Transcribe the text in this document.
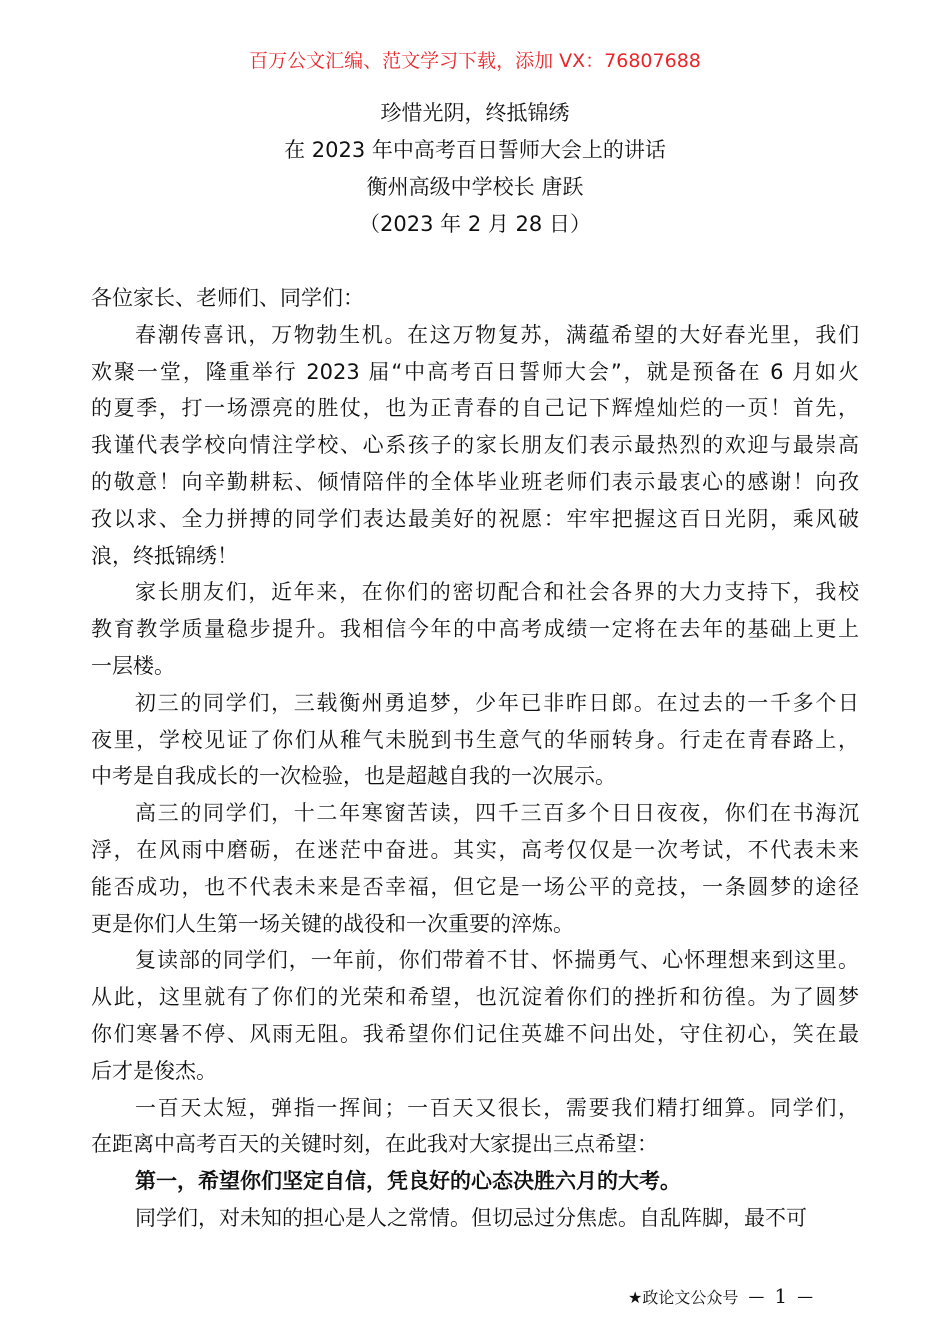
百万公文汇编、范文学习下载，添加 VX：76807688
珍惜光阴，终抵锦绣
在 2023 年中高考百日誓师大会上的讲话
衡州高级中学校长 唐跃
（2023 年 2 月 28 日）
各位家长、老师们、同学们：
春潮传喜讯，万物勃生机。在这万物复苏，满蕴希望的大好春光里，我们
欢聚一堂，隆重举行 2023 届“中高考百日誓师大会”，就是预备在 6 月如火
的夏季，打一场漂亮的胜仗，也为正青春的自己记下辉煌灿烂的一页！首先，
我谨代表学校向情注学校、心系孩子的家长朋友们表示最热烈的欢迎与最崇高
的敬意！向辛勤耕耘、倾情陪伴的全体毕业班老师们表示最衷心的感谢！向孜
孜以求、全力拼搏的同学们表达最美好的祝愿：牢牢把握这百日光阴，乘风破
浪，终抵锦绣！
家长朋友们，近年来，在你们的密切配合和社会各界的大力支持下，我校
教育教学质量稳步提升。我相信今年的中高考成绩一定将在去年的基础上更上
一层楼。
初三的同学们，三载衡州勇追梦，少年已非昨日郎。在过去的一千多个日
夜里，学校见证了你们从稚气未脱到书生意气的华丽转身。行走在青春路上，
中考是自我成长的一次检验，也是超越自我的一次展示。
高三的同学们，十二年寒窗苦读，四千三百多个日日夜夜，你们在书海沉
浮，在风雨中磨砺，在迷茫中奋进。其实，高考仅仅是一次考试，不代表未来
能否成功，也不代表未来是否幸福，但它是一场公平的竞技，一条圆梦的途径
更是你们人生第一场关键的战役和一次重要的淬炼。
复读部的同学们，一年前，你们带着不甘、怀揣勇气、心怀理想来到这里。
从此，这里就有了你们的光荣和希望，也沉淀着你们的挫折和彷徨。为了圆梦
你们寒暑不停、风雨无阻。我希望你们记住英雄不问出处，守住初心，笑在最
后才是俊杰。
一百天太短，弹指一挥间；一百天又很长，需要我们精打细算。同学们，
在距离中高考百天的关键时刻，在此我对大家提出三点希望：
第一，希望你们坚定自信，凭良好的心态决胜六月的大考。
同学们，对未知的担心是人之常情。但切忌过分焦虑。自乱阵脚，最不可
★政论文公众号 — 1 —
